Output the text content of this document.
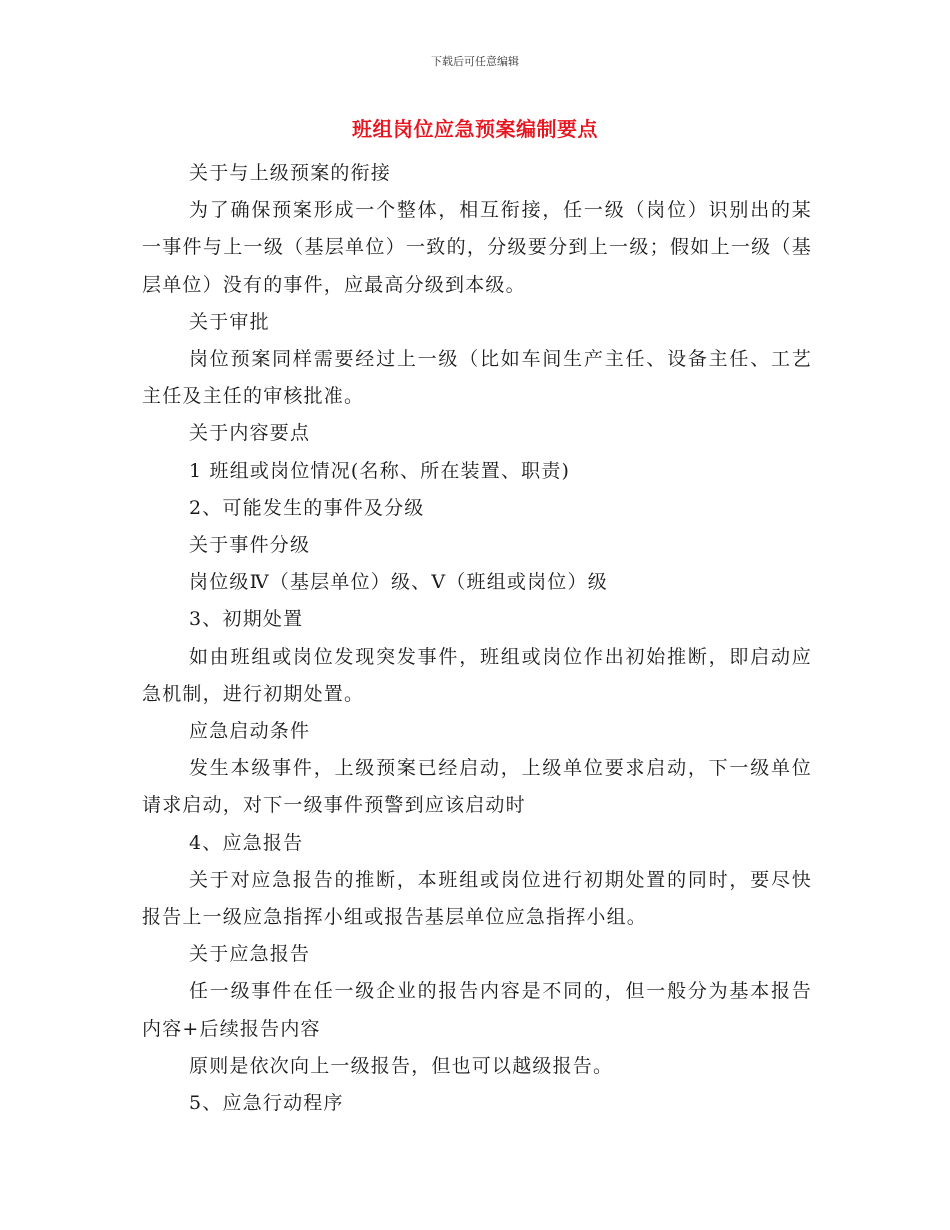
下载后可任意编辑
班组岗位应急预案编制要点

关于与上级预案的衔接

为了确保预案形成一个整体，相互衔接，任一级（岗位）识别出的某一事件与上一级（基层单位）一致的，分级要分到上一级；假如上一级（基层单位）没有的事件，应最高分级到本级。

关于审批

岗位预案同样需要经过上一级（比如车间生产主任、设备主任、工艺主任及主任的审核批准。

关于内容要点

1 班组或岗位情况(名称、所在装置、职责)

2、可能发生的事件及分级

关于事件分级

岗位级Ⅳ（基层单位）级、Ⅴ（班组或岗位）级

3、初期处置

如由班组或岗位发现突发事件，班组或岗位作出初始推断，即启动应急机制，进行初期处置。

应急启动条件

发生本级事件，上级预案已经启动，上级单位要求启动，下一级单位请求启动，对下一级事件预警到应该启动时

4、应急报告

关于对应急报告的推断，本班组或岗位进行初期处置的同时，要尽快报告上一级应急指挥小组或报告基层单位应急指挥小组。

关于应急报告

任一级事件在任一级企业的报告内容是不同的，但一般分为基本报告内容+后续报告内容

原则是依次向上一级报告，但也可以越级报告。

5、应急行动程序
